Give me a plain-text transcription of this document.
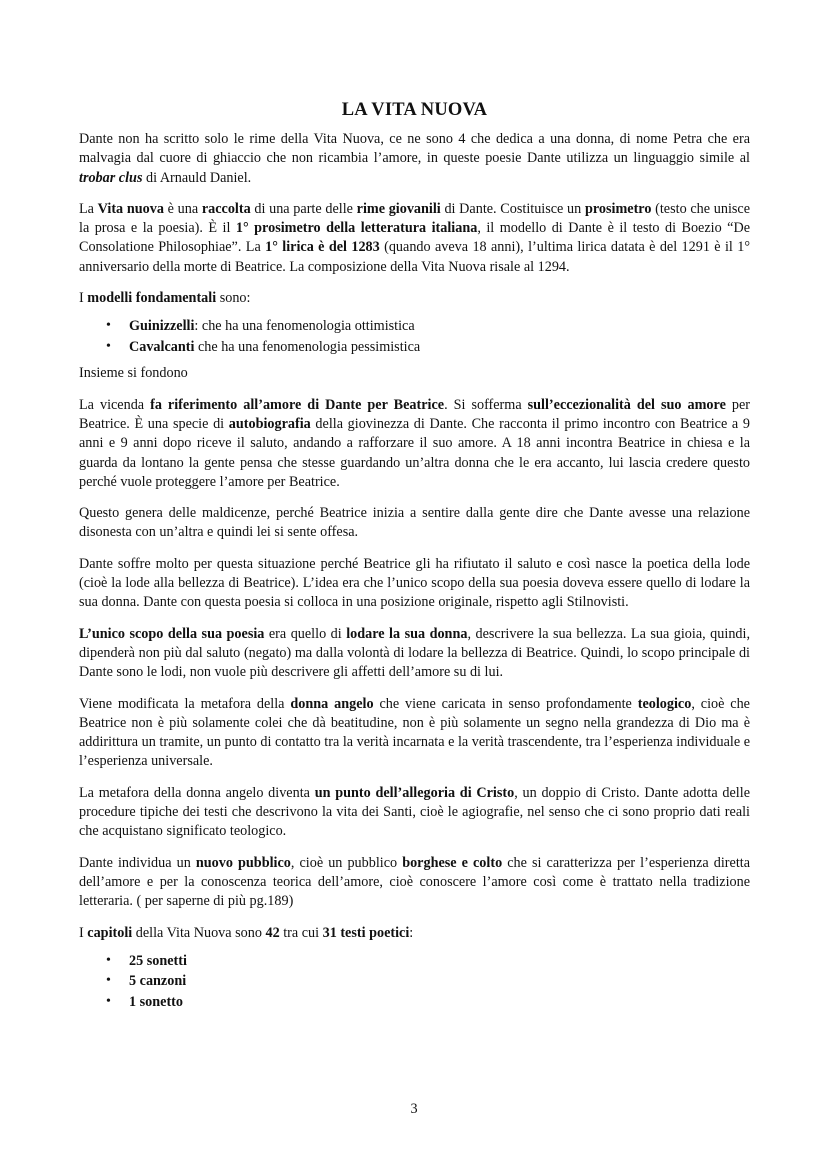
LA VITA NUOVA

Dante non ha scritto solo le rime della Vita Nuova, ce ne sono 4 che dedica a una donna, di nome Petra che era malvagia dal cuore di ghiaccio che non ricambia l’amore, in queste poesie Dante utilizza un linguaggio simile al trobar clus di Arnauld Daniel.

La Vita nuova è una raccolta di una parte delle rime giovanili di Dante. Costituisce un prosimetro (testo che unisce la prosa e la poesia). È il 1° prosimetro della letteratura italiana, il modello di Dante è il testo di Boezio “De Consolatione Philosophiae”. La 1° lirica è del 1283 (quando aveva 18 anni), l’ultima lirica datata è del 1291 è il 1° anniversario della morte di Beatrice. La composizione della Vita Nuova risale al 1294.

I modelli fondamentali sono:

• Guinizzelli: che ha una fenomenologia ottimistica
• Cavalcanti che ha una fenomenologia pessimistica

Insieme si fondono

La vicenda fa riferimento all’amore di Dante per Beatrice. Si sofferma sull’eccezionalità del suo amore per Beatrice. È una specie di autobiografia della giovinezza di Dante. Che racconta il primo incontro con Beatrice a 9 anni e 9 anni dopo riceve il saluto, andando a rafforzare il suo amore. A 18 anni incontra Beatrice in chiesa e la guarda da lontano la gente pensa che stesse guardando un’altra donna che le era accanto, lui lascia credere questo perché vuole proteggere l’amore per Beatrice.

Questo genera delle maldicenze, perché Beatrice inizia a sentire dalla gente dire che Dante avesse una relazione disonesta con un’altra e quindi lei si sente offesa.

Dante soffre molto per questa situazione perché Beatrice gli ha rifiutato il saluto e così nasce la poetica della lode (cioè la lode alla bellezza di Beatrice). L’idea era che l’unico scopo della sua poesia doveva essere quello di lodare la sua donna. Dante con questa poesia si colloca in una posizione originale, rispetto agli Stilnovisti.

L’unico scopo della sua poesia era quello di lodare la sua donna, descrivere la sua bellezza. La sua gioia, quindi, dipenderà non più dal saluto (negato) ma dalla volontà di lodare la bellezza di Beatrice. Quindi, lo scopo principale di Dante sono le lodi, non vuole più descrivere gli affetti dell’amore su di lui.

Viene modificata la metafora della donna angelo che viene caricata in senso profondamente teologico, cioè che Beatrice non è più solamente colei che dà beatitudine, non è più solamente un segno nella grandezza di Dio ma è addirittura un tramite, un punto di contatto tra la verità incarnata e la verità trascendente, tra l’esperienza individuale e l’esperienza universale.

La metafora della donna angelo diventa un punto dell’allegoria di Cristo, un doppio di Cristo. Dante adotta delle procedure tipiche dei testi che descrivono la vita dei Santi, cioè le agiografie, nel senso che ci sono proprio dati reali che acquistano significato teologico.

Dante individua un nuovo pubblico, cioè un pubblico borghese e colto che si caratterizza per l’esperienza diretta dell’amore e per la conoscenza teorica dell’amore, cioè conoscere l’amore così come è trattato nella tradizione letteraria. ( per saperne di più pg.189)

I capitoli della Vita Nuova sono 42 tra cui 31 testi poetici:

• 25 sonetti
• 5 canzoni
• 1 sonetto
3
